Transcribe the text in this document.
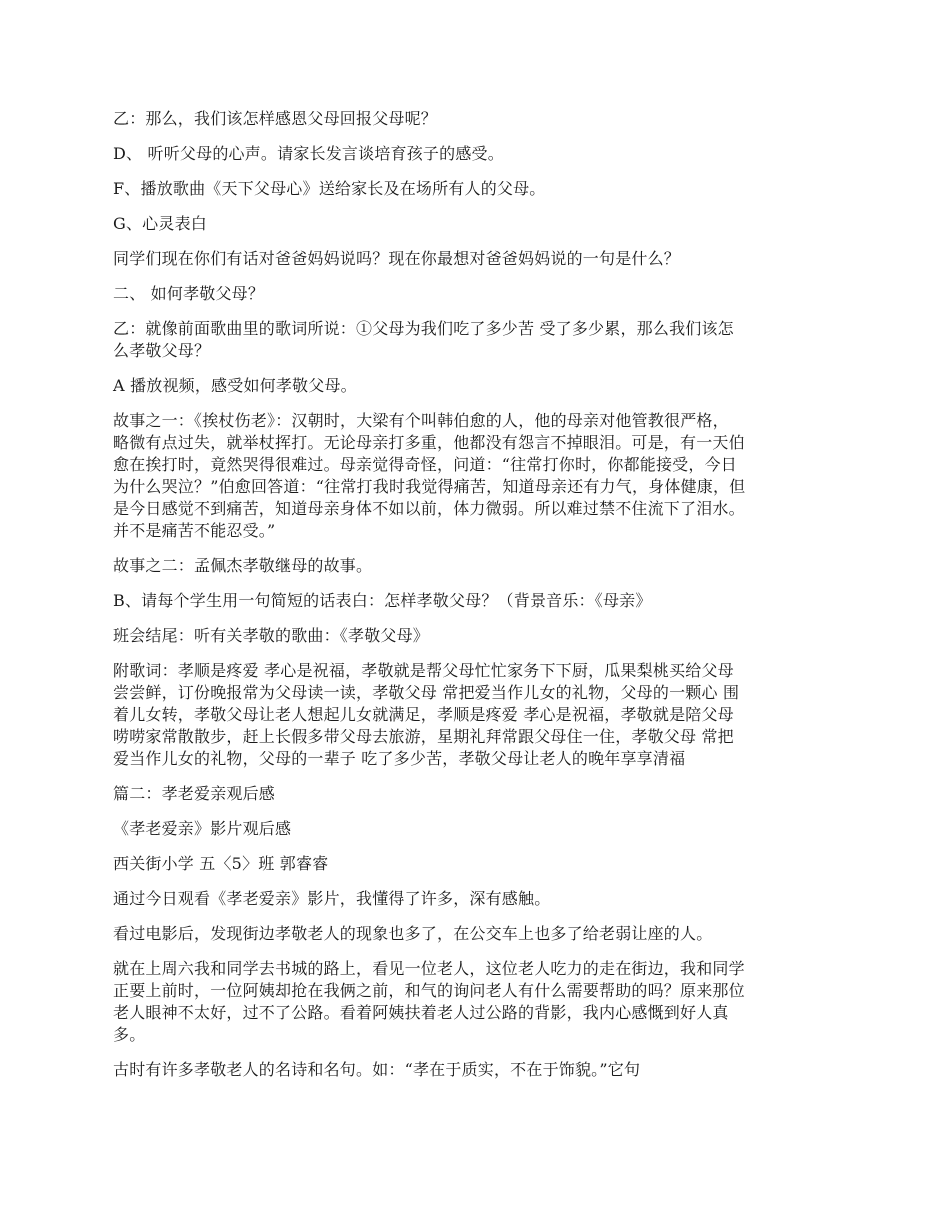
乙：那么，我们该怎样感恩父母回报父母呢？

D、 听听父母的心声。请家长发言谈培育孩子的感受。

F、播放歌曲《天下父母心》送给家长及在场所有人的父母。

G、心灵表白

同学们现在你们有话对爸爸妈妈说吗？现在你最想对爸爸妈妈说的一句是什么？

二、 如何孝敬父母？

乙：就像前面歌曲里的歌词所说：①父母为我们吃了多少苦 受了多少累，那么我们该怎
么孝敬父母？

A 播放视频，感受如何孝敬父母。

故事之一：《挨杖伤老》：汉朝时，大梁有个叫韩伯愈的人，他的母亲对他管教很严格，
略微有点过失，就举杖挥打。无论母亲打多重，他都没有怨言不掉眼泪。可是，有一天伯
愈在挨打时，竟然哭得很难过。母亲觉得奇怪，问道：“往常打你时，你都能接受，今日
为什么哭泣？”伯愈回答道：“往常打我时我觉得痛苦，知道母亲还有力气，身体健康，但
是今日感觉不到痛苦，知道母亲身体不如以前，体力微弱。所以难过禁不住流下了泪水。
并不是痛苦不能忍受。”

故事之二：孟佩杰孝敬继母的故事。

B、请每个学生用一句简短的话表白：怎样孝敬父母？（背景音乐：《母亲》

班会结尾：听有关孝敬的歌曲：《孝敬父母》

附歌词：孝顺是疼爱 孝心是祝福，孝敬就是帮父母忙忙家务下下厨，瓜果梨桃买给父母
尝尝鲜，订份晚报常为父母读一读，孝敬父母 常把爱当作儿女的礼物，父母的一颗心 围
着儿女转，孝敬父母让老人想起儿女就满足，孝顺是疼爱 孝心是祝福，孝敬就是陪父母
唠唠家常散散步，赶上长假多带父母去旅游，星期礼拜常跟父母住一住，孝敬父母 常把
爱当作儿女的礼物，父母的一辈子 吃了多少苦，孝敬父母让老人的晚年享享清福

篇二：孝老爱亲观后感

《孝老爱亲》影片观后感

西关街小学 五〈5〉班 郭睿睿

通过今日观看《孝老爱亲》影片，我懂得了许多，深有感触。

看过电影后，发现街边孝敬老人的现象也多了，在公交车上也多了给老弱让座的人。

就在上周六我和同学去书城的路上，看见一位老人，这位老人吃力的走在街边，我和同学
正要上前时，一位阿姨却抢在我俩之前，和气的询问老人有什么需要帮助的吗？原来那位
老人眼神不太好，过不了公路。看着阿姨扶着老人过公路的背影，我内心感慨到好人真
多。

古时有许多孝敬老人的名诗和名句。如：“孝在于质实，不在于饰貌。”它句
